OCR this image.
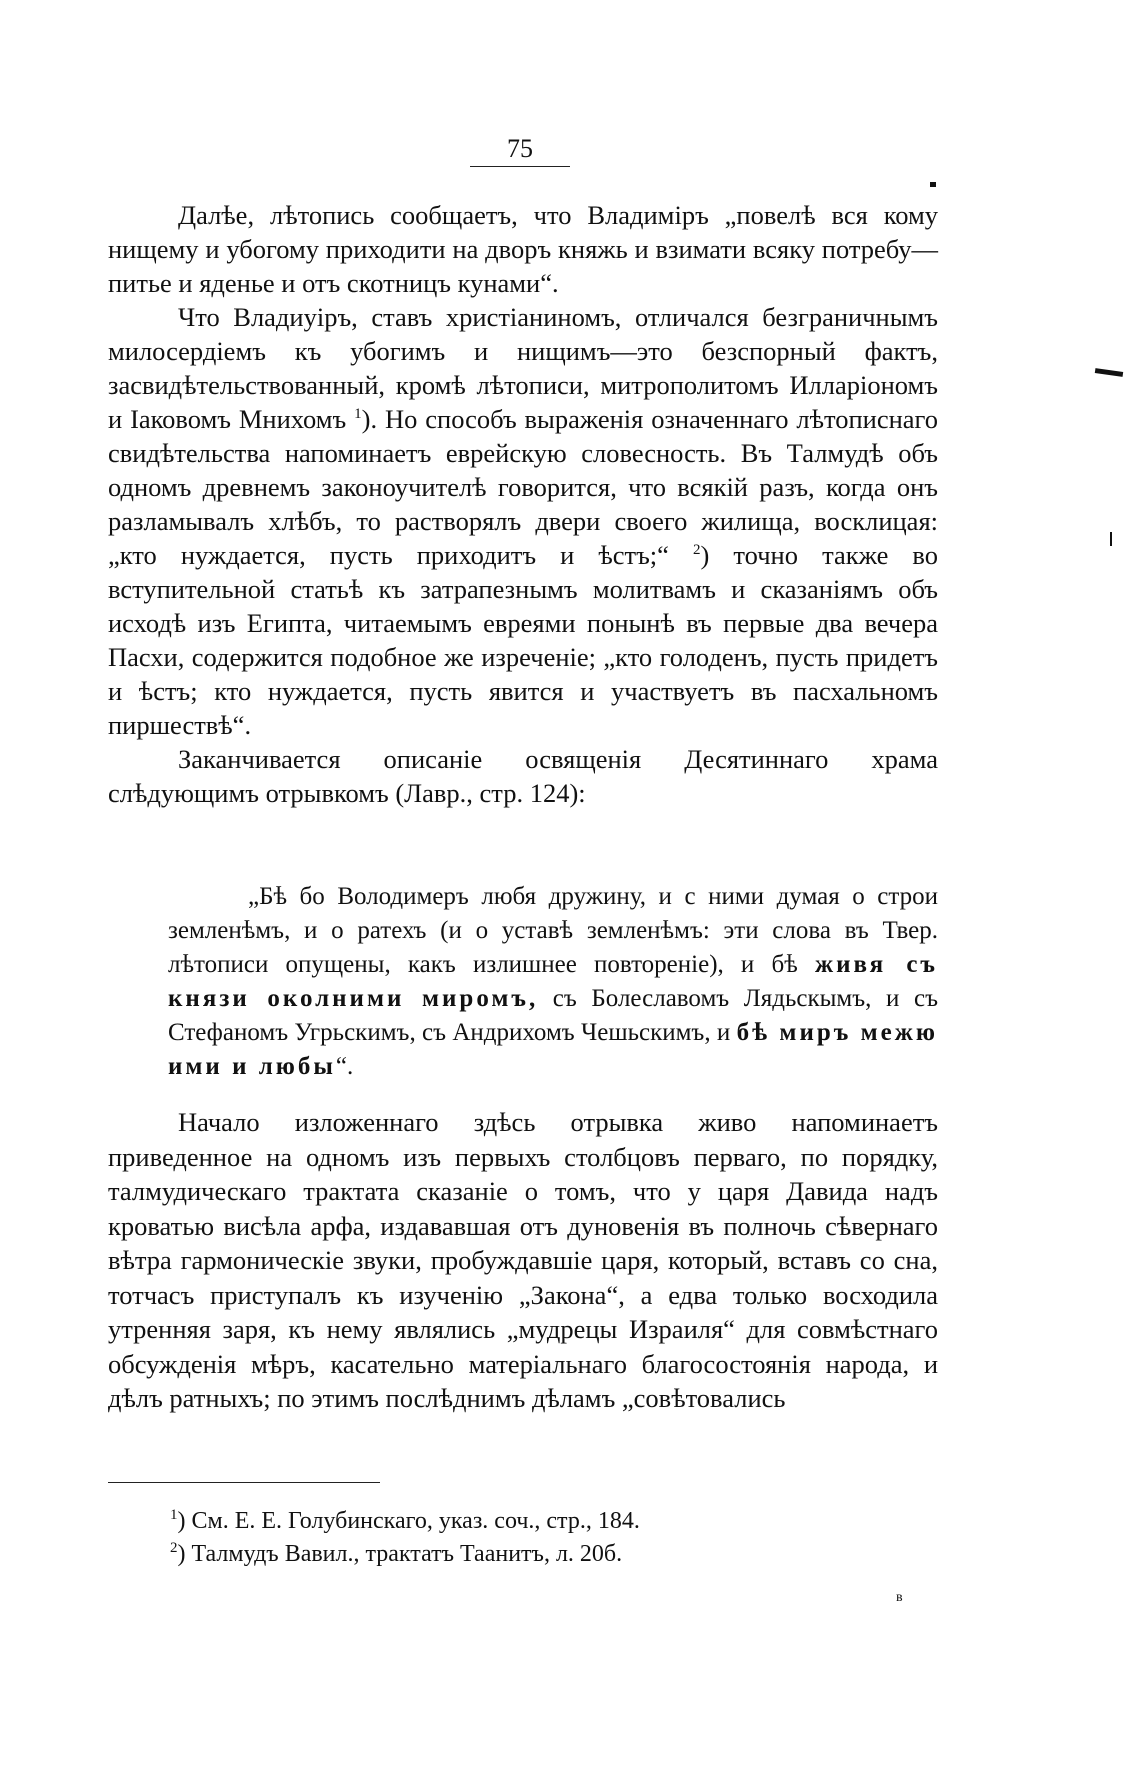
75

Далѣе, лѣтопись сообщаетъ, что Владиміръ „повелѣ вся кому нищему и убогому приходити на дворъ княжь и взимати всяку потребу—питье и яденье и отъ скотницъ кунами“.

Что Владиуіръ, ставъ христіаниномъ, отличался безграничнымъ милосердіемъ къ убогимъ и нищимъ—это безспорный фактъ, засвидѣтельствованный, кромѣ лѣтописи, митрополитомъ Илларіономъ и Іаковомъ Мнихомъ $^1$). Но способъ выраженія означеннаго лѣтописнаго свидѣтельства напоминаетъ еврейскую словесность. Въ Талмудѣ объ одномъ древнемъ законоучителѣ говорится, что всякій разъ, когда онъ разламывалъ хлѣбъ, то растворялъ двери своего жилища, восклицая: „кто нуждается, пусть приходитъ и ѣстъ;“ $^2$) точно также во вступительной статьѣ къ затрапезнымъ молитвамъ и сказаніямъ объ исходѣ изъ Египта, читаемымъ евреями понынѣ въ первые два вечера Пасхи, содержится подобное же изреченіе; „кто голоденъ, пусть придетъ и ѣстъ; кто нуждается, пусть явится и участвуетъ въ пасхальномъ пиршествѣ“.

Заканчивается описаніе освященія Десятиннаго храма слѣдующимъ отрывкомъ (Лавр., стр. 124):

„Бѣ бо Володимеръ любя дружину, и с ними думая о строи земленѣмъ, и о ратехъ (и о уставѣ земленѣмъ: эти слова въ Твер. лѣтописи опущены, какъ излишнее повтореніе), и бѣ живя съ князи околними миромъ, съ Болеславомъ Лядьскымъ, и съ Стефаномъ Угрьскимъ, съ Андрихомъ Чешьскимъ, и бѣ миръ межю ими и любы“.

Начало изложеннаго здѣсь отрывка живо напоминаетъ приведенное на одномъ изъ первыхъ столбцовъ перваго, по порядку, талмудическаго трактата сказаніе о томъ, что у царя Давида надъ кроватью висѣла арфа, издававшая отъ дуновенія въ полночь сѣвернаго вѣтра гармоническіе звуки, пробуждавшіе царя, который, вставъ со сна, тотчасъ приступалъ къ изученію „Закона“, а едва только восходила утренняя заря, къ нему являлись „мудрецы Израиля“ для совмѣстнаго обсужденія мѣръ, касательно матеріальнаго благосостоянія народа, и дѣлъ ратныхъ; по этимъ послѣднимъ дѣламъ „совѣтовались

$^1$) См. Е. Е. Голубинскаго, указ. соч., стр., 184.
$^2$) Талмудъ Вавил., трактатъ Таанитъ, л. 20б.
в
